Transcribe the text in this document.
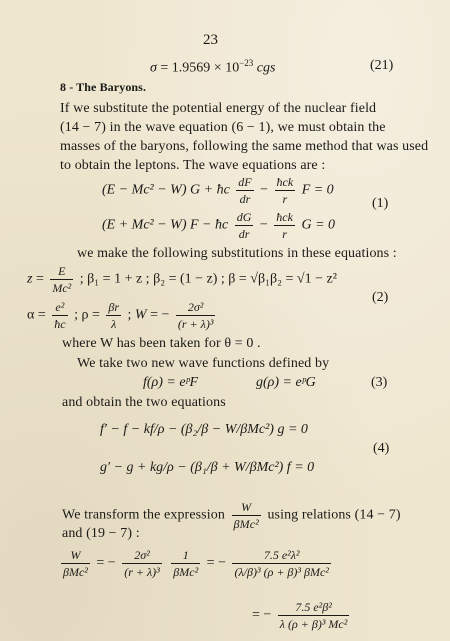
23
$\sigma = 1.9569 \times 10^{-23}$ cgs	(21)
8 - The Baryons.
If we substitute the potential energy of the nuclear field
(14 − 7) in the wave equation (6 − 1), we must obtain the
masses of the baryons, following the same method that was used
to obtain the leptons. The wave equations are :
(E − Mc² − W) G + ħc $\frac{dF}{dr} - \frac{\text{ħck}}{r}$ F = 0
(1)
(E + Mc² − W) F − ħc $\frac{dG}{dr} - \frac{\text{ħck}}{r}$ G = 0
we make the following substitutions in these equations :
$z = \frac{E}{\text{Mc²}}$ ; β₁ = 1 + z ; β₂ = (1 − z) ; β = √β₁β₂ = √1 − z²
(2)
$\alpha = \frac{\text{e²}}{ħc}$ ; $\rho = \frac{\beta r}{\lambda}$ ; W = − $\frac{\text{2σ²}}{\text{(r + λ)³}}$
where W has been taken for θ = 0 .
We take two new wave functions defined by
f(ρ) = eᵖF	g(ρ) = eᵖG	(3)
and obtain the two equations
f′ − f − kf/ρ − (β₂/β − W/βMc²) g = 0
(4)
g′ − g + kg/ρ − (β₁/β + W/βMc²) f = 0
We transform the expression $\frac{W}{\text{βMc²}}$ using relations (14 − 7)
and (19 − 7) :
$\frac{W}{\text{βMc²}}$ = − $\frac{\text{2σ²}}{\text{(r + λ)³}}$
$\frac{1}{\text{βMc²}}$ = − $\frac{\text{7.5 e²λ²}}{\text{(λ/β)³ (ρ + β)³ βMc²}}$
= − $\frac{\text{7.5 e²β²}}{\text{λ (ρ + β)³ Mc²}}$
